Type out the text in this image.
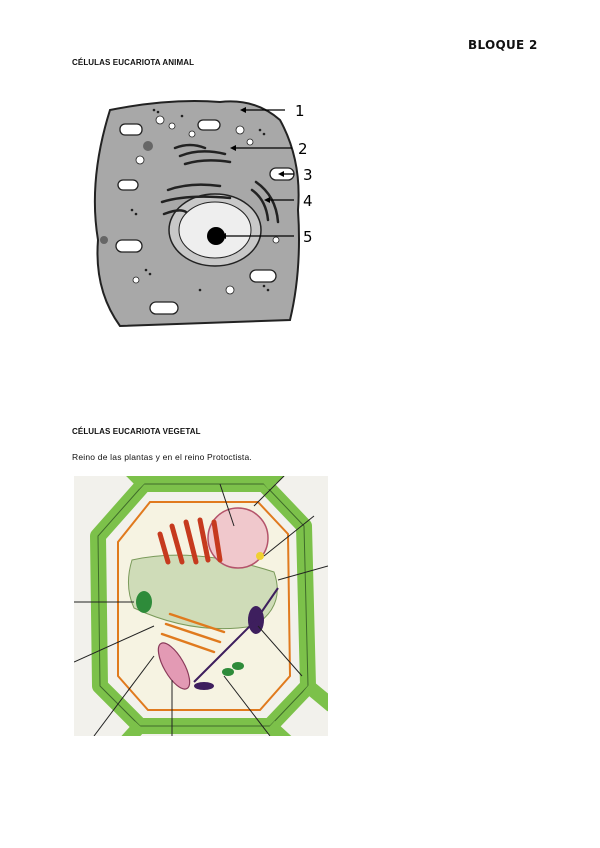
BLOQUE 2
CÉLULAS EUCARIOTA ANIMAL
1
2
3
4
5
CÉLULAS EUCARIOTA VEGETAL
Reino de las plantas y en el reino Protoctista.
